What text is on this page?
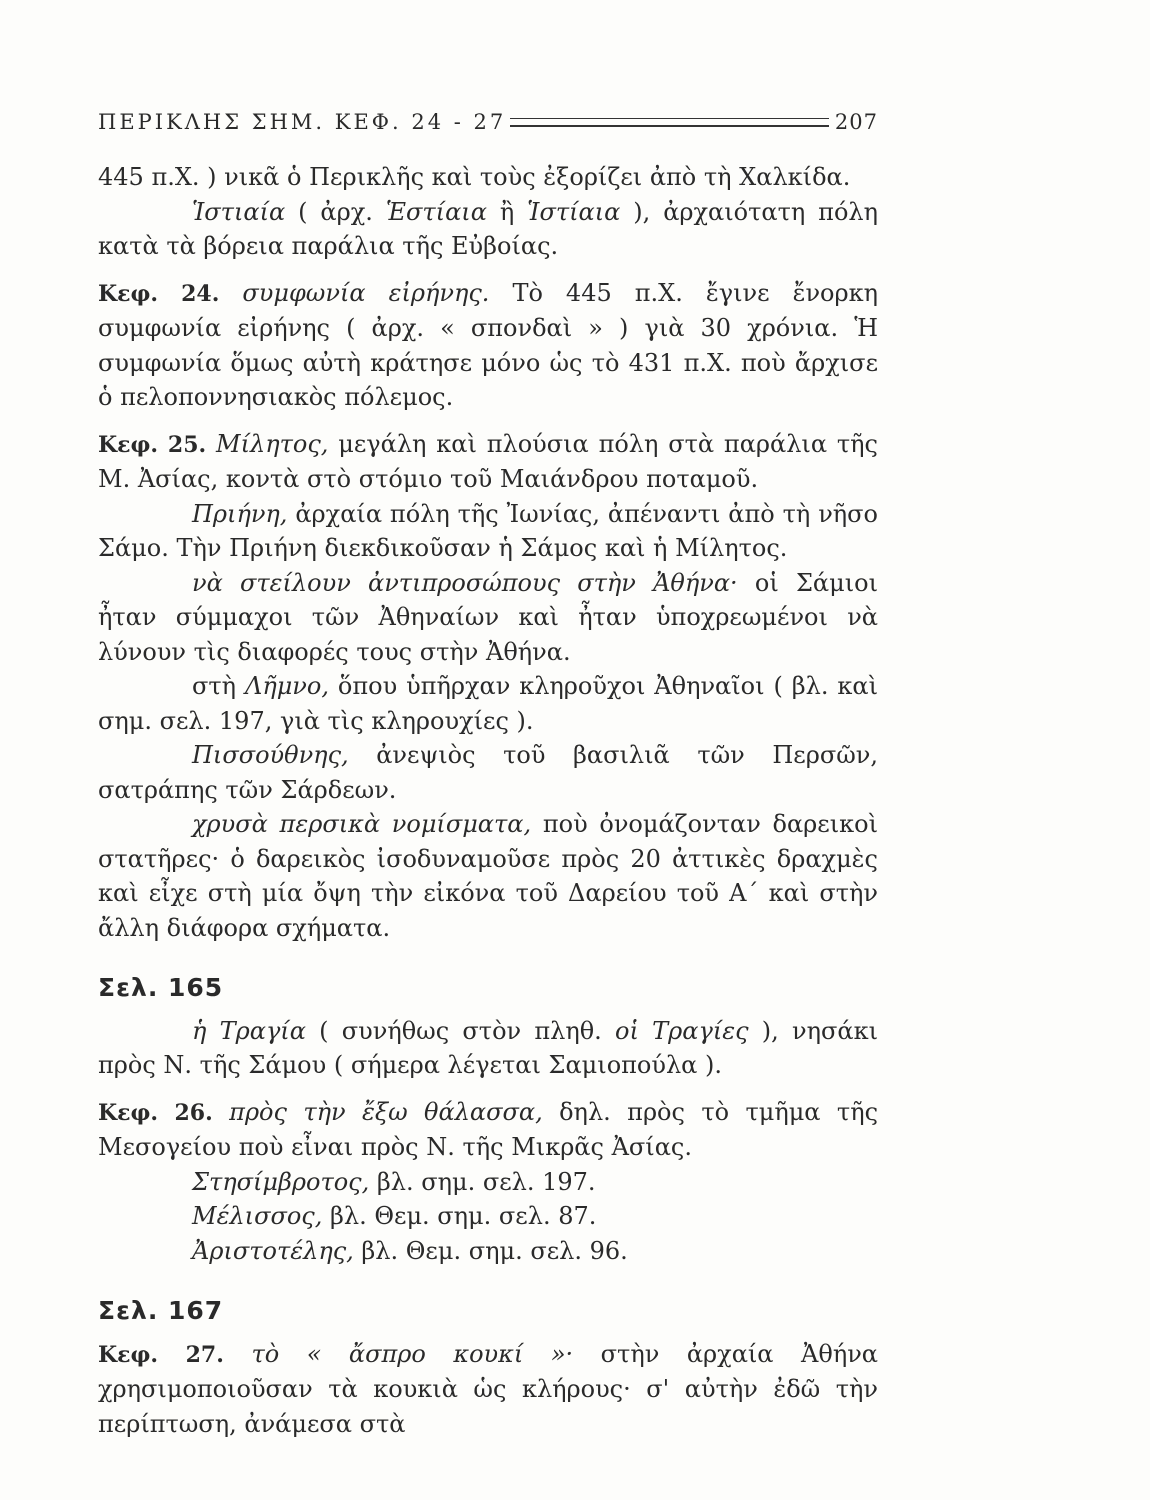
ΠΕΡΙΚΛΗΣ ΣΗΜ. ΚΕΦ. 24 - 27	207

445 π.Χ. ) νικᾶ ὁ Περικλῆς καὶ τοὺς ἐξορίζει ἀπὸ τὴ Χαλκίδα.

Ἱστιαία ( ἀρχ. Ἑστίαια ἢ Ἱστίαια ), ἀρχαιότατη πόλη κατὰ τὰ βόρεια παράλια τῆς Εὐβοίας.

Κεφ. 24. συμφωνία εἰρήνης. Τὸ 445 π.Χ. ἔγινε ἔνορκη συμφωνία εἰρήνης ( ἀρχ. « σπονδαὶ » ) γιὰ 30 χρόνια. Ἡ συμφωνία ὅμως αὐτὴ κράτησε μόνο ὡς τὸ 431 π.Χ. ποὺ ἄρχισε ὁ πελοποννησιακὸς πόλεμος.

Κεφ. 25. Μίλητος, μεγάλη καὶ πλούσια πόλη στὰ παράλια τῆς Μ. Ἀσίας, κοντὰ στὸ στόμιο τοῦ Μαιάνδρου ποταμοῦ.

Πριήνη, ἀρχαία πόλη τῆς Ἰωνίας, ἀπέναντι ἀπὸ τὴ νῆσο Σάμο. Τὴν Πριήνη διεκδικοῦσαν ἡ Σάμος καὶ ἡ Μίλητος.

νὰ στείλουν ἀντιπροσώπους στὴν Ἀθήνα· οἱ Σάμιοι ἦταν σύμμαχοι τῶν Ἀθηναίων καὶ ἦταν ὑποχρεωμένοι νὰ λύνουν τὶς διαφορές τους στὴν Ἀθήνα.

στὴ Λῆμνο, ὅπου ὑπῆρχαν κληροῦχοι Ἀθηναῖοι ( βλ. καὶ σημ. σελ. 197, γιὰ τὶς κληρουχίες ).

Πισσούθνης, ἀνεψιὸς τοῦ βασιλιᾶ τῶν Περσῶν, σατράπης τῶν Σάρδεων.

χρυσὰ περσικὰ νομίσματα, ποὺ ὀνομάζονταν δαρεικοὶ στατῆρες· ὁ δαρεικὸς ἰσοδυναμοῦσε πρὸς 20 ἀττικὲς δραχμὲς καὶ εἶχε στὴ μία ὄψη τὴν εἰκόνα τοῦ Δαρείου τοῦ Α΄ καὶ στὴν ἄλλη διάφορα σχήματα.

Σελ. 165

ἡ Τραγία ( συνήθως στὸν πληθ. οἱ Τραγίες ), νησάκι πρὸς Ν. τῆς Σάμου ( σήμερα λέγεται Σαμιοπούλα ).

Κεφ. 26. πρὸς τὴν ἔξω θάλασσα, δηλ. πρὸς τὸ τμῆμα τῆς Μεσογείου ποὺ εἶναι πρὸς Ν. τῆς Μικρᾶς Ἀσίας.

Στησίμβροτος, βλ. σημ. σελ. 197.

Μέλισσος, βλ. Θεμ. σημ. σελ. 87.

Ἀριστοτέλης, βλ. Θεμ. σημ. σελ. 96.

Σελ. 167

Κεφ. 27. τὸ « ἄσπρο κουκί »· στὴν ἀρχαία Ἀθήνα χρησιμοποιοῦσαν τὰ κουκιὰ ὡς κλήρους· σ' αὐτὴν ἐδῶ τὴν περίπτωση, ἀνάμεσα στὰ
